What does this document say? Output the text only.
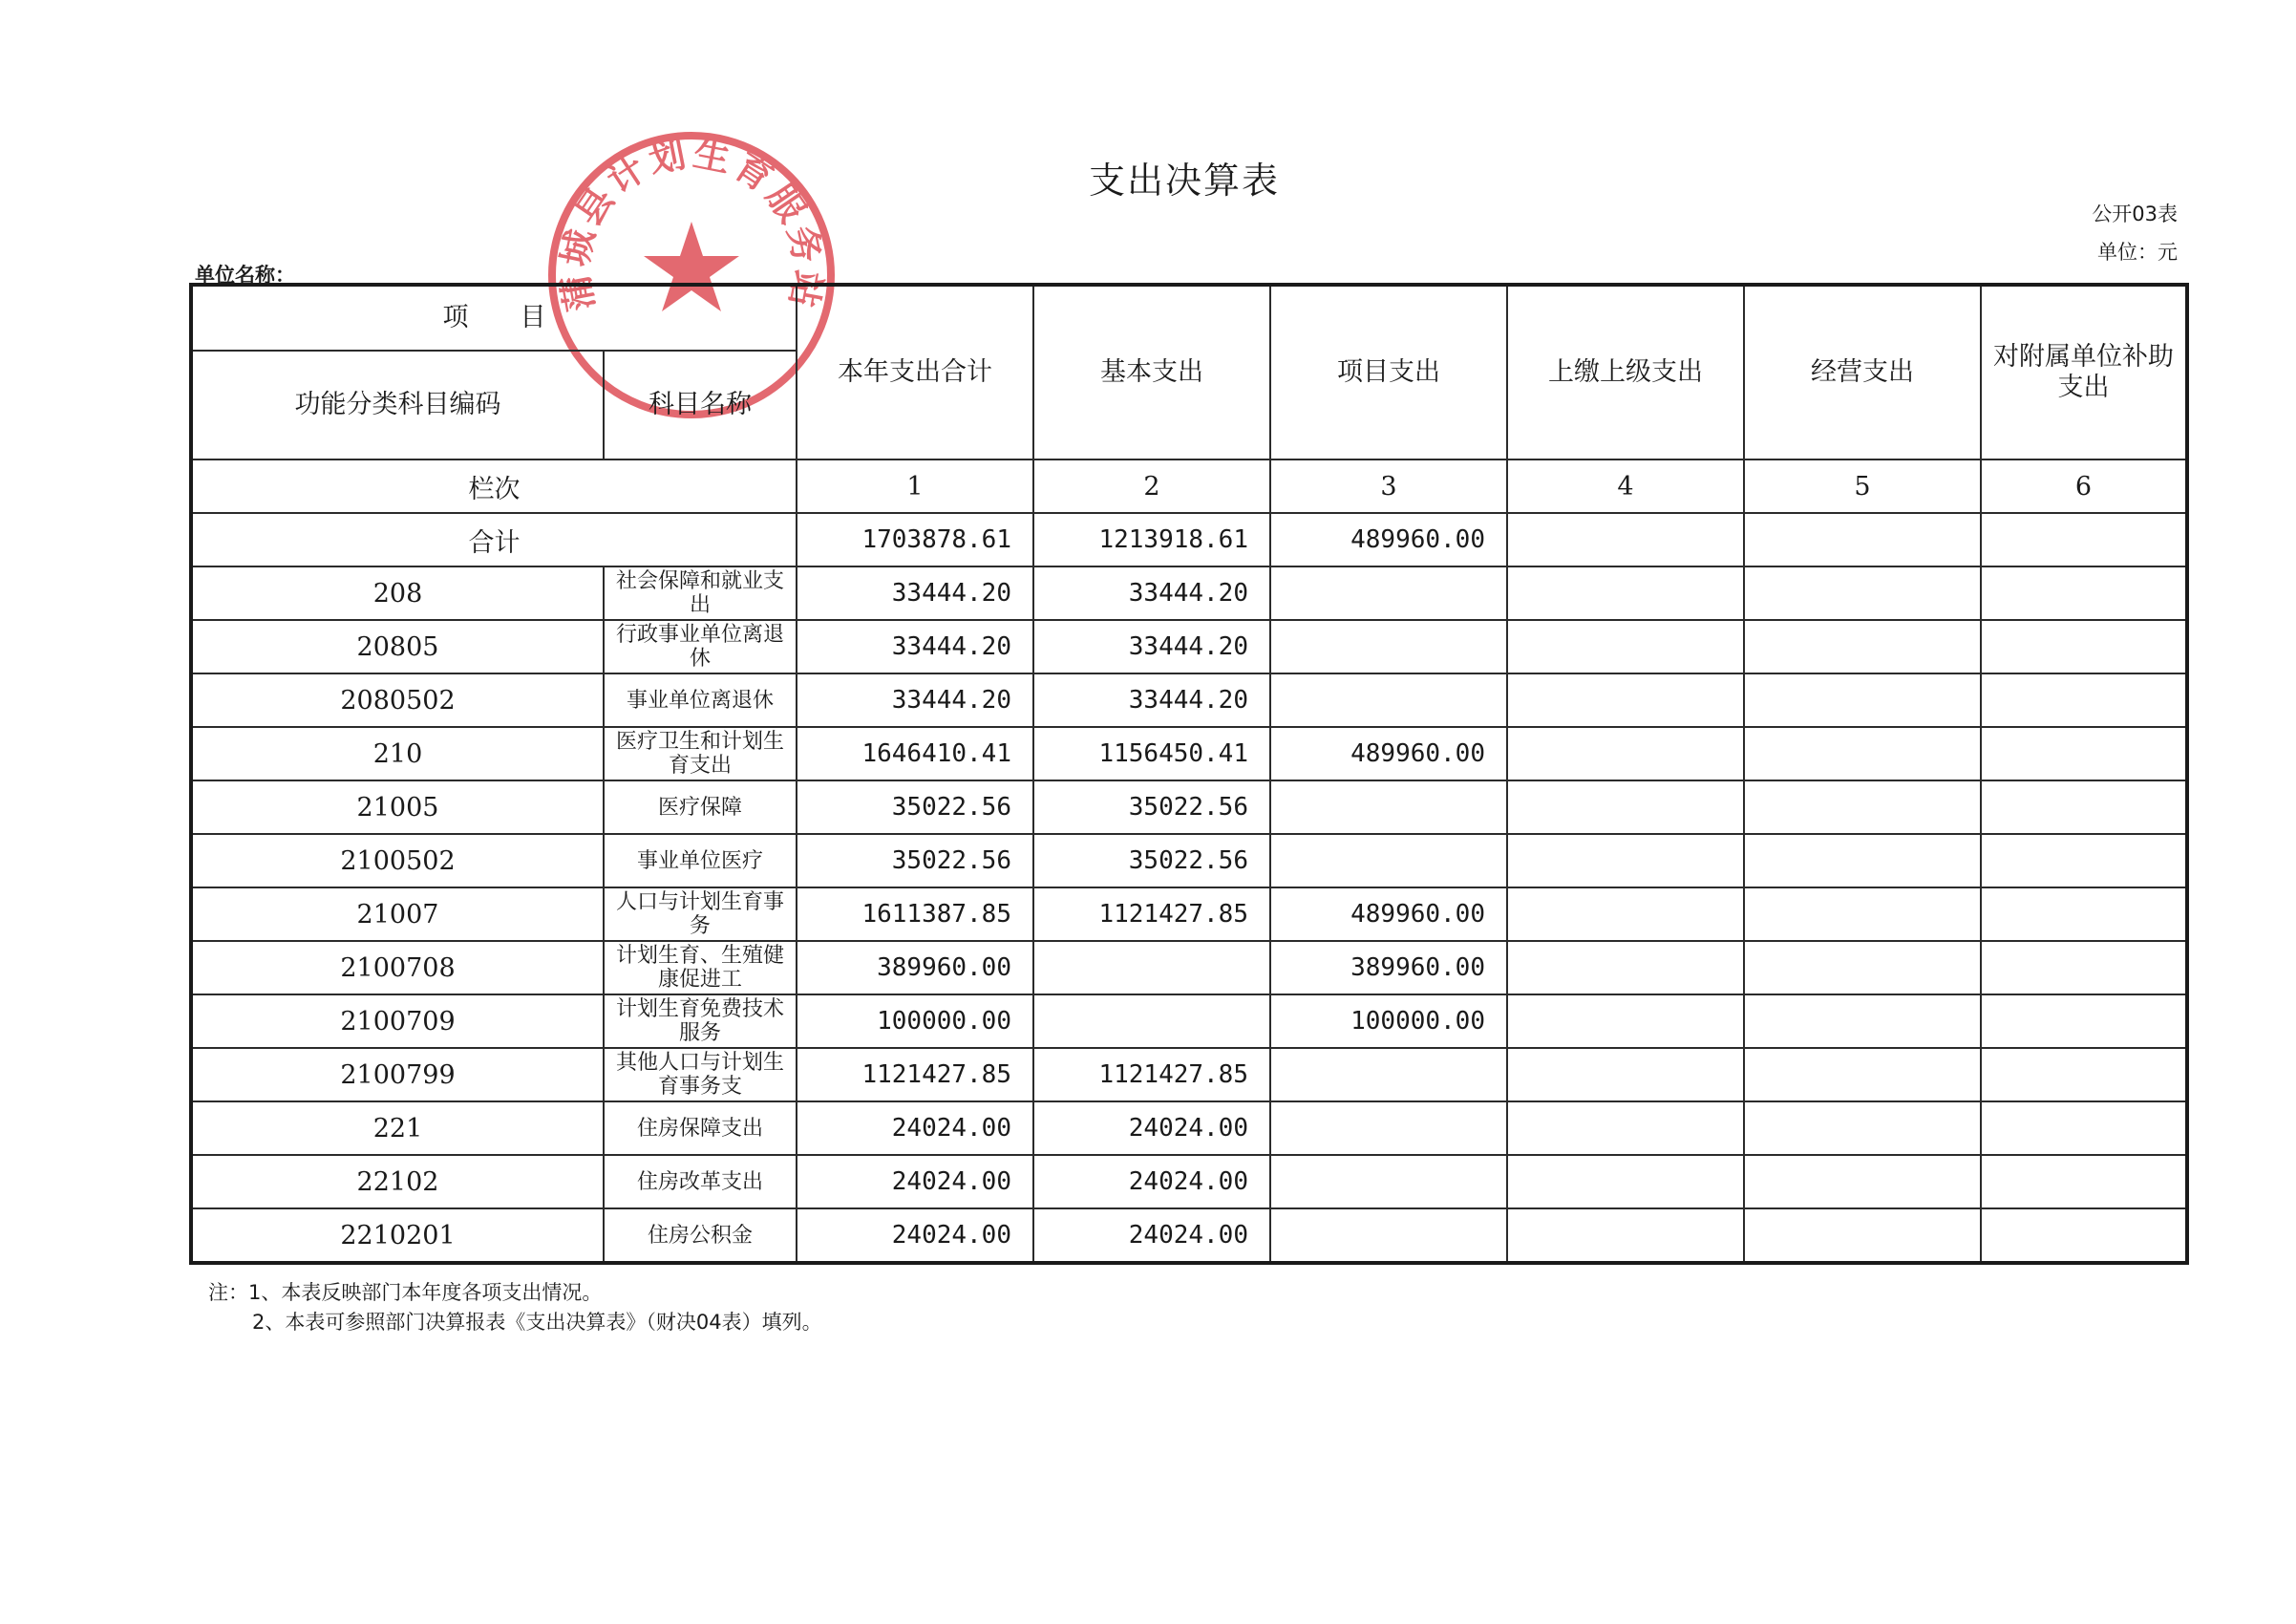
支出决算表
公开03表
单位：元
单位名称：	蒲城县计划生育服务站
项　　目		本年支出合计	基本支出	项目支出	上缴上级支出	经营支出	对附属单位补助支出
功能分类科目编码	科目名称						
栏次		1	2	3	4	5	6
合计		1703878.61	1213918.61	489960.00			
208	社会保障和就业支出	33444.20	33444.20				
20805	行政事业单位离退休	33444.20	33444.20				
2080502	事业单位离退休	33444.20	33444.20				
210	医疗卫生和计划生育支出	1646410.41	1156450.41	489960.00			
21005	医疗保障	35022.56	35022.56				
2100502	事业单位医疗	35022.56	35022.56				
21007	人口与计划生育事务	1611387.85	1121427.85	489960.00			
2100708	计划生育、生殖健康促进工	389960.00		389960.00			
2100709	计划生育免费技术服务	100000.00		100000.00			
2100799	其他人口与计划生育事务支	1121427.85	1121427.85				
221	住房保障支出	24024.00	24024.00				
22102	住房改革支出	24024.00	24024.00				
2210201	住房公积金	24024.00	24024.00				
注：1、本表反映部门本年度各项支出情况。
2、本表可参照部门决算报表《支出决算表》（财决04表）填列。
